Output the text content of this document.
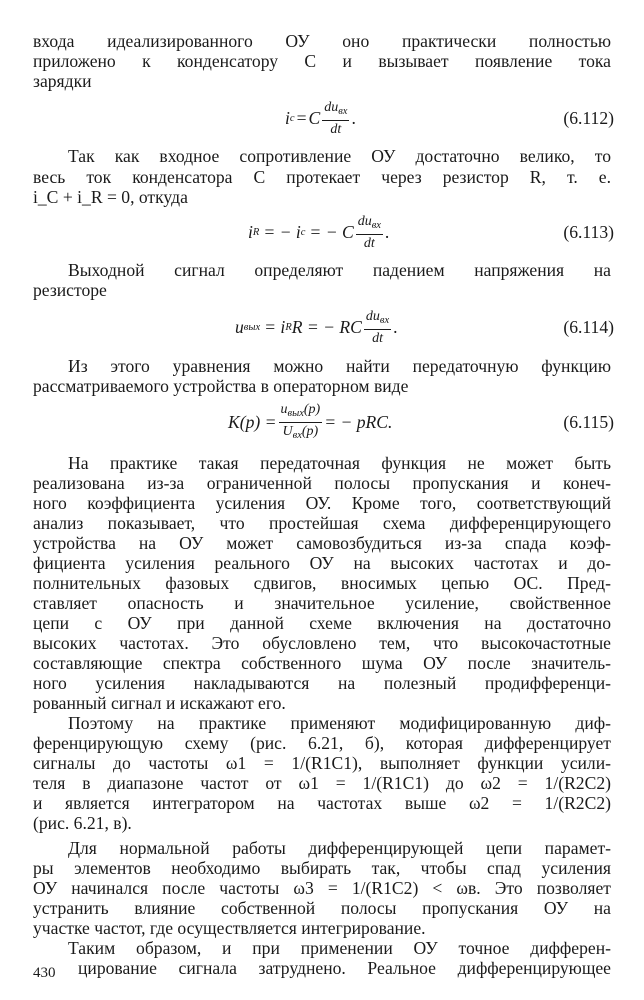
входа идеализированного ОУ оно практически полностью
приложено к конденсатору C и вызывает появление тока
зарядки
i c = C $\frac{du_{вх}}{dt}$ .	(6.112)
Так как входное сопротивление ОУ достаточно велико, то
весь ток конденсатора C протекает через резистор R, т. е.
i_C + i_R = 0, откуда
i R = − i c = − C $\frac{du_{вх}}{dt}$ .	(6.113)
Выходной сигнал определяют падением напряжения на
резисторе
u вых = i R R = − RC $\frac{du_{вх}}{dt}$ .	(6.114)
Из этого уравнения можно найти передаточную функцию
рассматриваемого устройства в операторном виде
$K(p) = \frac{u_{вых}(p)}{U_{вх}(p)}$ = − pRC.	(6.115)
На практике такая передаточная функция не может быть
реализована из-за ограниченной полосы пропускания и конеч-
ного коэффициента усиления ОУ. Кроме того, соответствующий
анализ показывает, что простейшая схема дифференцирующего
устройства на ОУ может самовозбудиться из-за спада коэф-
фициента усиления реального ОУ на высоких частотах и до-
полнительных фазовых сдвигов, вносимых цепью ОС. Пред-
ставляет опасность и значительное усиление, свойственное
цепи с ОУ при данной схеме включения на достаточно
высоких частотах. Это обусловлено тем, что высокочастотные
составляющие спектра собственного шума ОУ после значитель-
ного усиления накладываются на полезный продифференци-
рованный сигнал и искажают его.
Поэтому на практике применяют модифицированную диф-
ференцирующую схему (рис. 6.21, б), которая дифференцирует
сигналы до частоты ω1 = 1/(R1C1), выполняет функции усили-
теля в диапазоне частот от ω1 = 1/(R1C1) до ω2 = 1/(R2C2)
и является интегратором на частотах выше ω2 = 1/(R2C2)
(рис. 6.21, в).
Для нормальной работы дифференцирующей цепи парамет-
ры элементов необходимо выбирать так, чтобы спад усиления
ОУ начинался после частоты ω3 = 1/(R1C2) < ωв. Это позволяет
устранить влияние собственной полосы пропускания ОУ на
участке частот, где осуществляется интегрирование.
Таким образом, и при применении ОУ точное дифферен-
цирование сигнала затруднено. Реальное дифференцирующее
430
